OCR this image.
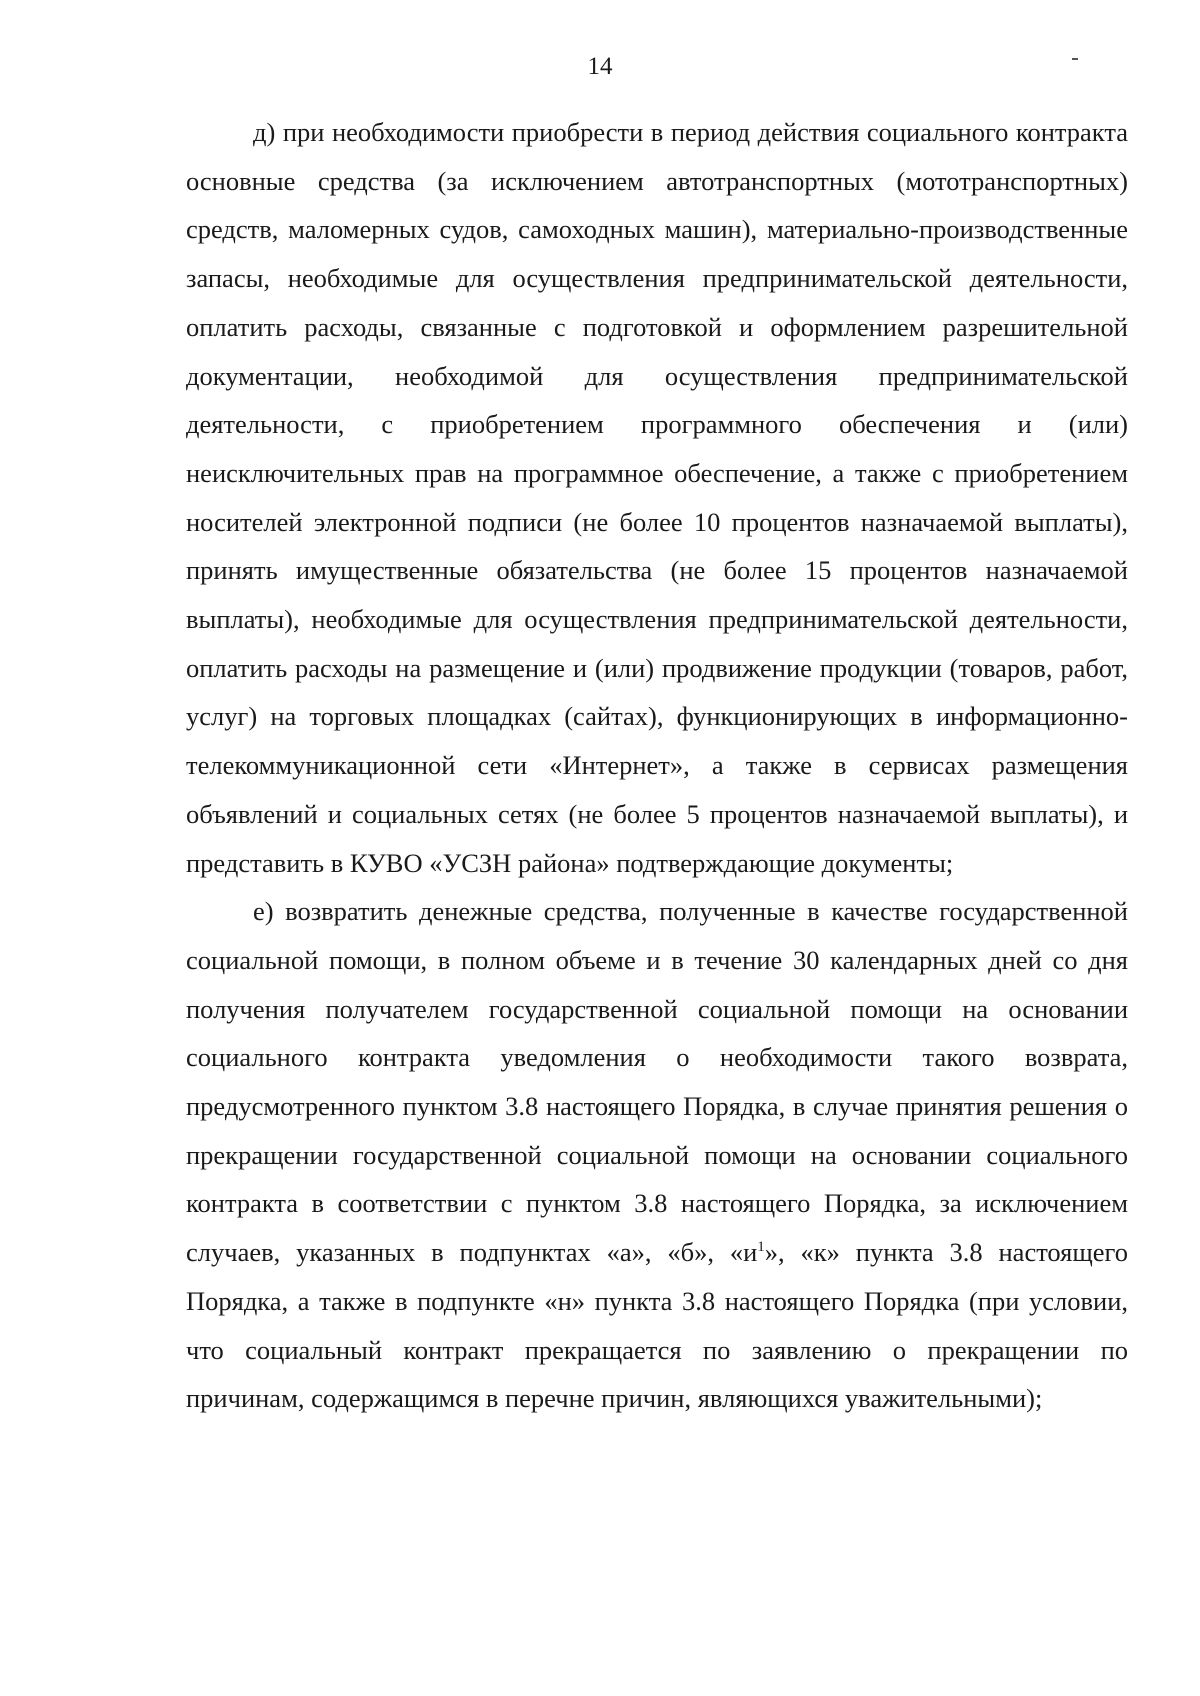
14

д) при необходимости приобрести в период действия социального контракта основные средства (за исключением автотранспортных (мототранспортных) средств, маломерных судов, самоходных машин), материально-производственные запасы, необходимые для осуществления предпринимательской деятельности, оплатить расходы, связанные с подготовкой и оформлением разрешительной документации, необходимой для осуществления предпринимательской деятельности, с приобретением программного обеспечения и (или) неисключительных прав на программное обеспечение, а также с приобретением носителей электронной подписи (не более 10 процентов назначаемой выплаты), принять имущественные обязательства (не более 15 процентов назначаемой выплаты), необходимые для осуществления предпринимательской деятельности, оплатить расходы на размещение и (или) продвижение продукции (товаров, работ, услуг) на торговых площадках (сайтах), функционирующих в информационно-телекоммуникационной сети «Интернет», а также в сервисах размещения объявлений и социальных сетях (не более 5 процентов назначаемой выплаты), и представить в КУВО «УСЗН района» подтверждающие документы;

е) возвратить денежные средства, полученные в качестве государственной социальной помощи, в полном объеме и в течение 30 календарных дней со дня получения получателем государственной социальной помощи на основании социального контракта уведомления о необходимости такого возврата, предусмотренного пунктом 3.8 настоящего Порядка, в случае принятия решения о прекращении государственной социальной помощи на основании социального контракта в соответствии с пунктом 3.8 настоящего Порядка, за исключением случаев, указанных в подпунктах «а», «б», «$и^1$», «к» пункта 3.8 настоящего Порядка, а также в подпункте «н» пункта 3.8 настоящего Порядка (при условии, что социальный контракт прекращается по заявлению о прекращении по причинам, содержащимся в перечне причин, являющихся уважительными);
